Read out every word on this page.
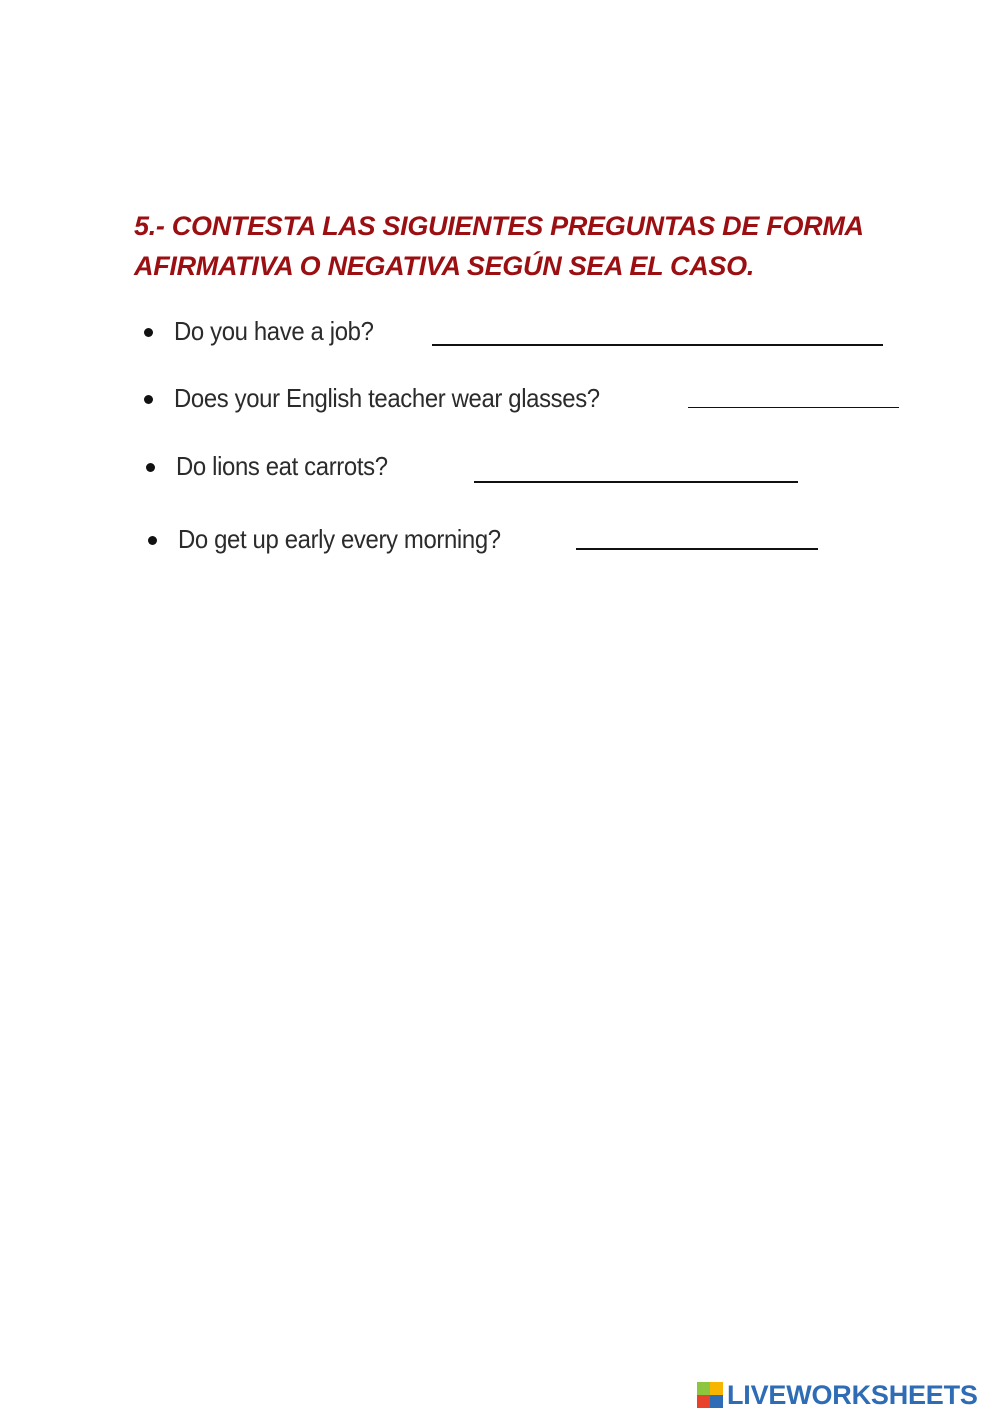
5.- CONTESTA LAS SIGUIENTES PREGUNTAS DE FORMA
AFIRMATIVA O NEGATIVA SEGÚN SEA EL CASO.
Do you have a job?
Does your English teacher wear glasses?
Do lions eat carrots?
Do get up early every morning?
LIVEWORKSHEETS
